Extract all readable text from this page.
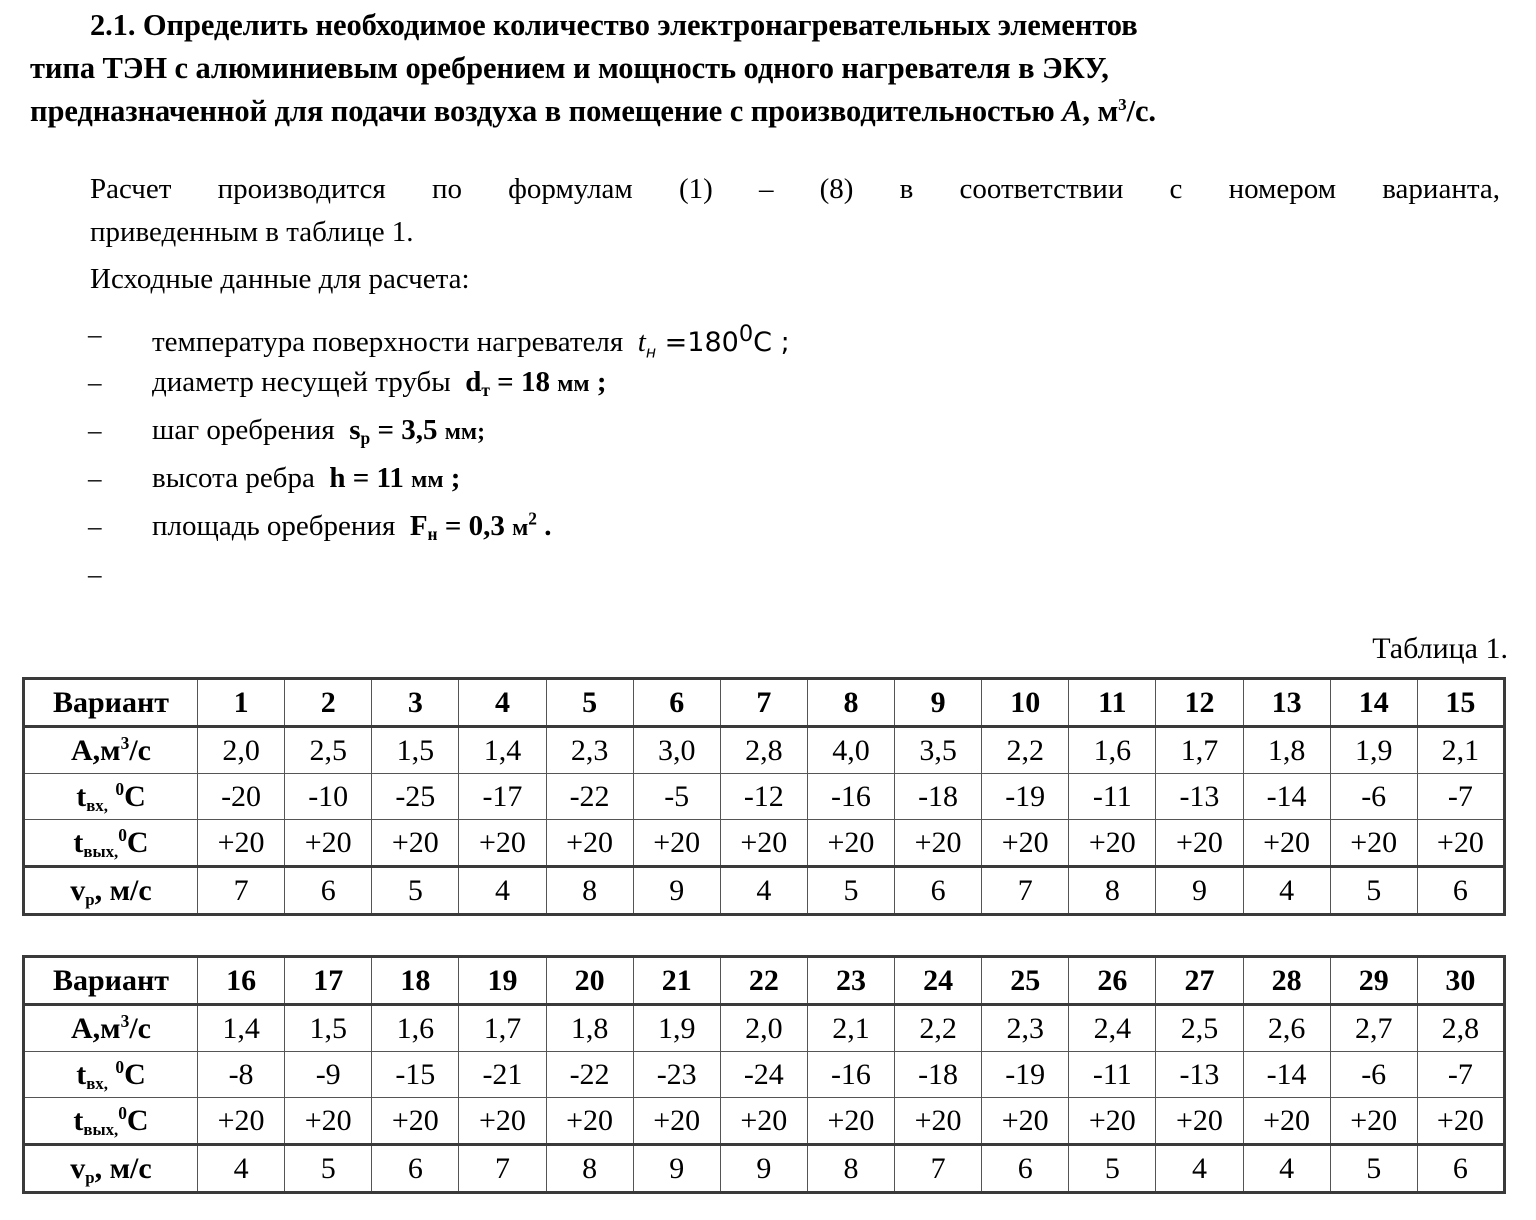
2.1. Определить необходимое количество электронагревательных элементов
типа ТЭН с алюминиевым оребрением и мощность одного нагревателя в ЭКУ,
предназначенной для подачи воздуха в помещение с производительностью A, $м^3/с$.
Расчет производится по формулам (1) – (8) в соответствии с номером варианта,
приведенным в таблице 1.
Исходные данные для расчета:
–	температура поверхности нагревателя $t_н =180^0C$ ;
–	диаметр несущей трубы $d_т = 18$ мм ;
–	шаг оребрения $s_р = 3,5$ мм;
–	высота ребра h = 11 мм ;
–	площадь оребрения $F_н = 0,3$ $м^2$ .
–
Таблица 1.
Вариант	1	2	3	4	5	6	7	8	9	10	11	12	13	14	15
$A,м^3/c$	2,0	2,5	1,5	1,4	2,3	3,0	2,8	4,0	3,5	2,2	1,6	1,7	1,8	1,9	2,1
$t_{вх,}$ $^0$C	-20	-10	-25	-17	-22	-5	-12	-16	-18	-19	-11	-13	-14	-6	-7
$t_{вых,}^0C$	+20	+20	+20	+20	+20	+20	+20	+20	+20	+20	+20	+20	+20	+20	+20
$v_р$, м/с	7	6	5	4	8	9	4	5	6	7	8	9	4	5	6
Вариант	16	17	18	19	20	21	22	23	24	25	26	27	28	29	30
$A,м^3/c$	1,4	1,5	1,6	1,7	1,8	1,9	2,0	2,1	2,2	2,3	2,4	2,5	2,6	2,7	2,8
$t_{вх,}$ $^0$C	-8	-9	-15	-21	-22	-23	-24	-16	-18	-19	-11	-13	-14	-6	-7
$t_{вых,}^0C$	+20	+20	+20	+20	+20	+20	+20	+20	+20	+20	+20	+20	+20	+20	+20
$v_р$, м/с	4	5	6	7	8	9	9	8	7	6	5	4	4	5	6
